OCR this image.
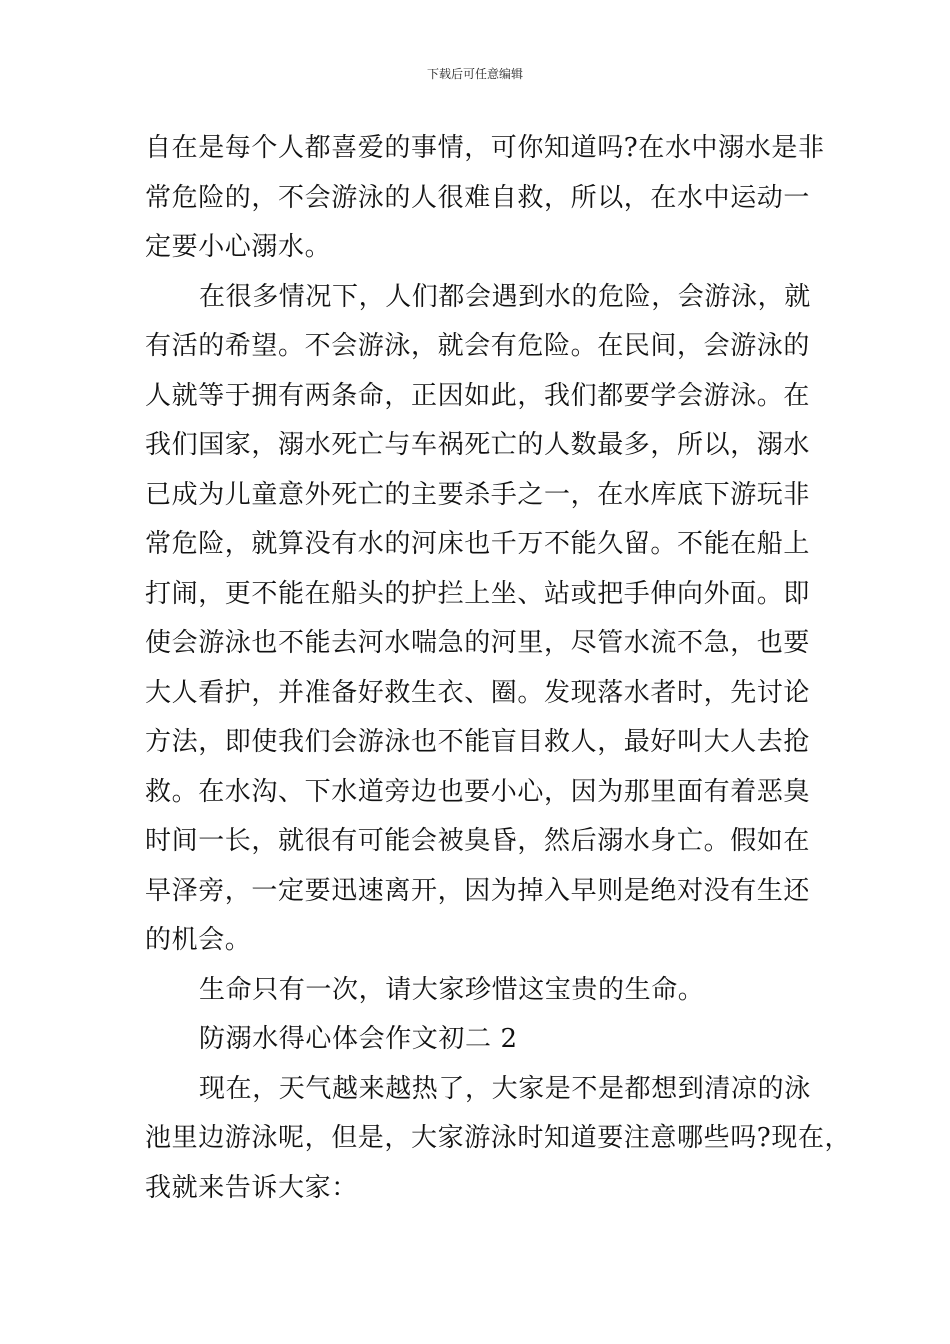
下载后可任意编辑

自在是每个人都喜爱的事情，可你知道吗?在水中溺水是非
常危险的，不会游泳的人很难自救，所以，在水中运动一
定要小心溺水。

在很多情况下，人们都会遇到水的危险，会游泳，就
有活的希望。不会游泳，就会有危险。在民间，会游泳的
人就等于拥有两条命，正因如此，我们都要学会游泳。在
我们国家，溺水死亡与车祸死亡的人数最多，所以，溺水
已成为儿童意外死亡的主要杀手之一，在水库底下游玩非
常危险，就算没有水的河床也千万不能久留。不能在船上
打闹，更不能在船头的护拦上坐、站或把手伸向外面。即
使会游泳也不能去河水喘急的河里，尽管水流不急，也要
大人看护，并准备好救生衣、圈。发现落水者时，先讨论
方法，即使我们会游泳也不能盲目救人，最好叫大人去抢
救。在水沟、下水道旁边也要小心，因为那里面有着恶臭
时间一长，就很有可能会被臭昏，然后溺水身亡。假如在
早泽旁，一定要迅速离开，因为掉入早则是绝对没有生还
的机会。

生命只有一次，请大家珍惜这宝贵的生命。

防溺水得心体会作文初二 2

现在，天气越来越热了，大家是不是都想到清凉的泳
池里边游泳呢，但是，大家游泳时知道要注意哪些吗?现在，
我就来告诉大家：
